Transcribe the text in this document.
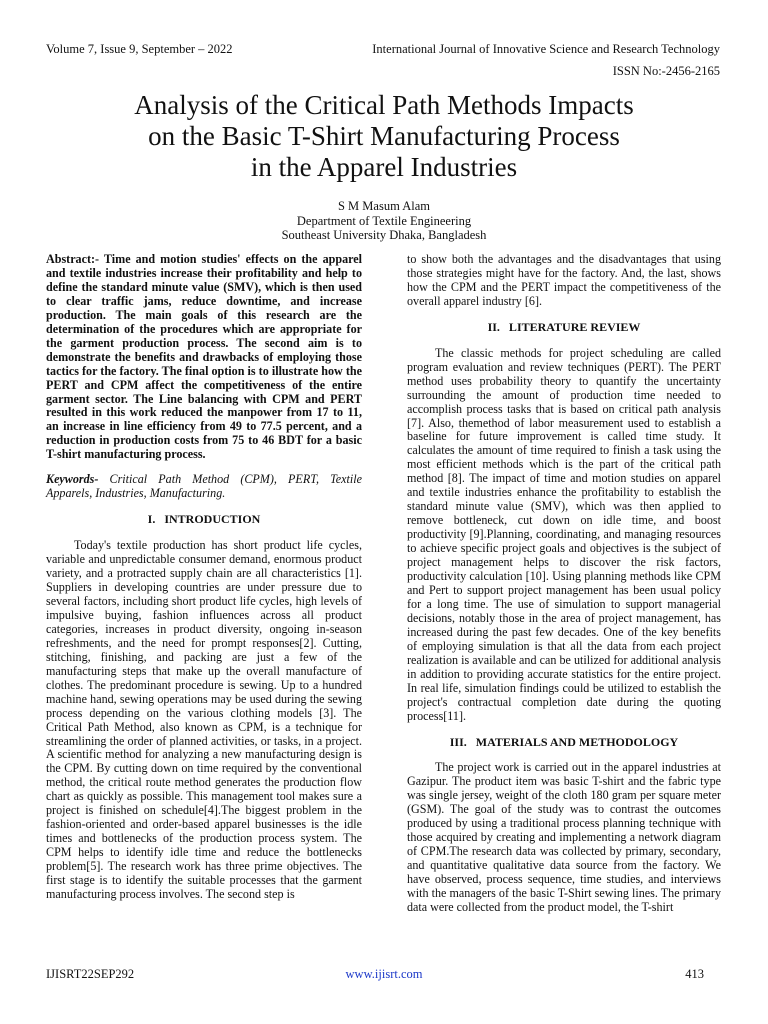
Volume 7, Issue 9, September – 2022	International Journal of Innovative Science and Research Technology
ISSN No:-2456-2165
Analysis of the Critical Path Methods Impacts
on the Basic T-Shirt Manufacturing Process
in the Apparel Industries
S M Masum Alam
Department of Textile Engineering
Southeast University Dhaka, Bangladesh

Abstract:- Time and motion studies' effects on the apparel and textile industries increase their profitability and help to define the standard minute value (SMV), which is then used to clear traffic jams, reduce downtime, and increase production. The main goals of this research are the determination of the procedures which are appropriate for the garment production process. The second aim is to demonstrate the benefits and drawbacks of employing those tactics for the factory. The final option is to illustrate how the PERT and CPM affect the competitiveness of the entire garment sector. The Line balancing with CPM and PERT resulted in this work reduced the manpower from 17 to 11, an increase in line efficiency from 49 to 77.5 percent, and a reduction in production costs from 75 to 46 BDT for a basic T-shirt manufacturing process.

Keywords- Critical Path Method (CPM), PERT, Textile Apparels, Industries, Manufacturing.

I.   INTRODUCTION

Today's textile production has short product life cycles, variable and unpredictable consumer demand, enormous product variety, and a protracted supply chain are all characteristics [1]. Suppliers in developing countries are under pressure due to several factors, including short product life cycles, high levels of impulsive buying, fashion influences across all product categories, increases in product diversity, ongoing in-season refreshments, and the need for prompt responses[2]. Cutting, stitching, finishing, and packing are just a few of the manufacturing steps that make up the overall manufacture of clothes. The predominant procedure is sewing. Up to a hundred machine hand, sewing operations may be used during the sewing process depending on the various clothing models [3]. The Critical Path Method, also known as CPM, is a technique for streamlining the order of planned activities, or tasks, in a project. A scientific method for analyzing a new manufacturing design is the CPM. By cutting down on time required by the conventional method, the critical route method generates the production flow chart as quickly as possible. This management tool makes sure a project is finished on schedule[4].The biggest problem in the fashion-oriented and order-based apparel businesses is the idle times and bottlenecks of the production process system. The CPM helps to identify idle time and reduce the bottlenecks problem[5]. The research work has three prime objectives. The first stage is to identify the suitable processes that the garment manufacturing process involves. The second step is

to show both the advantages and the disadvantages that using those strategies might have for the factory. And, the last, shows how the CPM and the PERT impact the competitiveness of the overall apparel industry [6].

II.   LITERATURE REVIEW

The classic methods for project scheduling are called program evaluation and review techniques (PERT). The PERT method uses probability theory to quantify the uncertainty surrounding the amount of production time needed to accomplish process tasks that is based on critical path analysis [7]. Also, themethod of labor measurement used to establish a baseline for future improvement is called time study. It calculates the amount of time required to finish a task using the most efficient methods which is the part of the critical path method [8]. The impact of time and motion studies on apparel and textile industries enhance the profitability to establish the standard minute value (SMV), which was then applied to remove bottleneck, cut down on idle time, and boost productivity [9].Planning, coordinating, and managing resources to achieve specific project goals and objectives is the subject of project management helps to discover the risk factors, productivity calculation [10]. Using planning methods like CPM and Pert to support project management has been usual policy for a long time. The use of simulation to support managerial decisions, notably those in the area of project management, has increased during the past few decades. One of the key benefits of employing simulation is that all the data from each project realization is available and can be utilized for additional analysis in addition to providing accurate statistics for the entire project. In real life, simulation findings could be utilized to establish the project's contractual completion date during the quoting process[11].

III.   MATERIALS AND METHODOLOGY

The project work is carried out in the apparel industries at Gazipur. The product item was basic T-shirt and the fabric type was single jersey, weight of the cloth 180 gram per square meter (GSM). The goal of the study was to contrast the outcomes produced by using a traditional process planning technique with those acquired by creating and implementing a network diagram of CPM.The research data was collected by primary, secondary, and quantitative qualitative data source from the factory. We have observed, process sequence, time studies, and interviews with the managers of the basic T-Shirt sewing lines. The primary data were collected from the product model, the T-shirt

IJISRT22SEP292	www.ijisrt.com	413
